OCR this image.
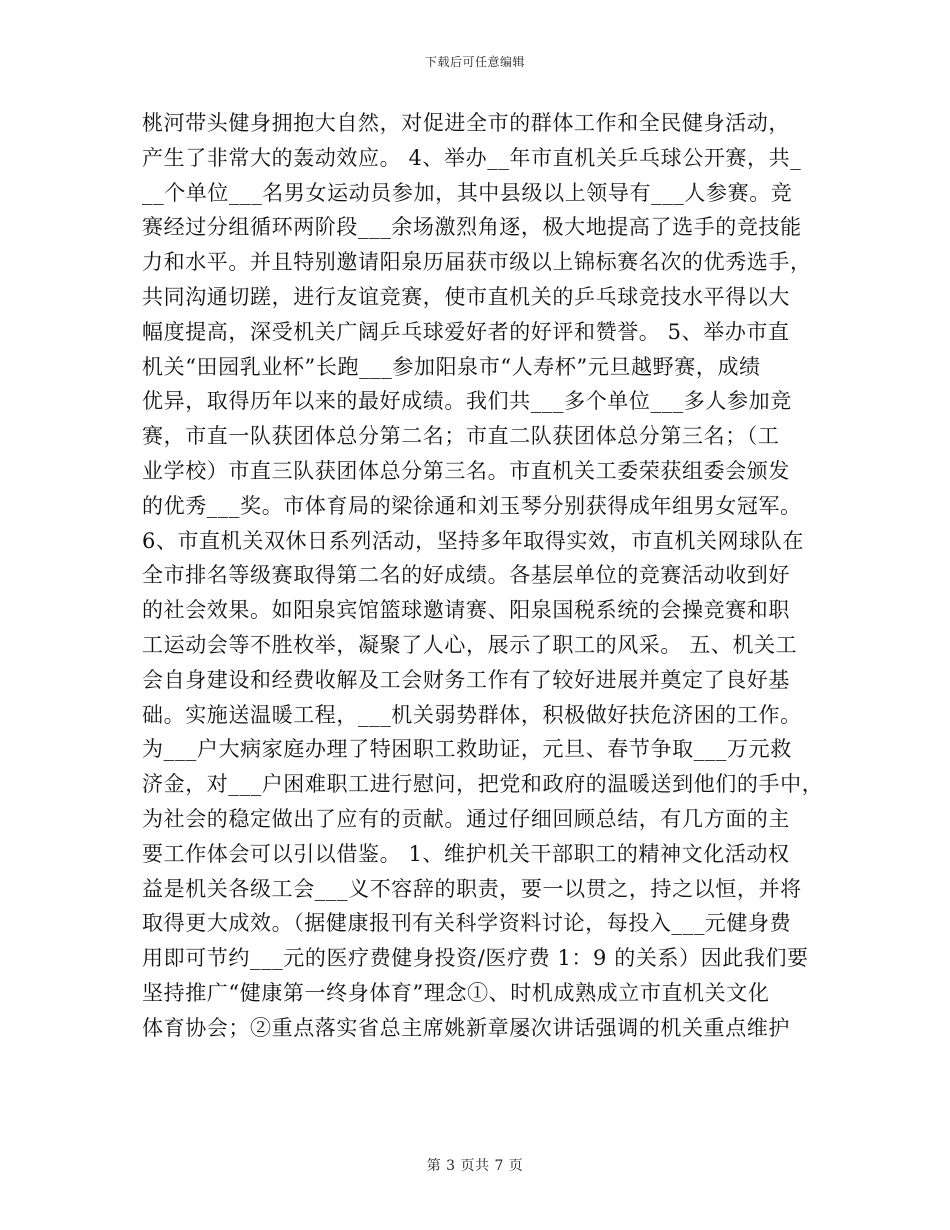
下载后可任意编辑
桃河带头健身拥抱大自然，对促进全市的群体工作和全民健身活动，
产生了非常大的轰动效应。 4、举办__年市直机关乒乓球公开赛，共_
__个单位___名男女运动员参加，其中县级以上领导有___人参赛。竞
赛经过分组循环两阶段___余场激烈角逐，极大地提高了选手的竞技能
力和水平。并且特别邀请阳泉历届获市级以上锦标赛名次的优秀选手，
共同沟通切蹉，进行友谊竞赛，使市直机关的乒乓球竞技水平得以大
幅度提高，深受机关广阔乒乓球爱好者的好评和赞誉。 5、举办市直
机关“田园乳业杯”长跑___参加阳泉市“人寿杯”元旦越野赛，成绩
优异，取得历年以来的最好成绩。我们共___多个单位___多人参加竞
赛，市直一队获团体总分第二名；市直二队获团体总分第三名；（工
业学校）市直三队获团体总分第三名。市直机关工委荣获组委会颁发
的优秀___奖。市体育局的梁徐通和刘玉琴分别获得成年组男女冠军。
6、市直机关双休日系列活动，坚持多年取得实效，市直机关网球队在
全市排名等级赛取得第二名的好成绩。各基层单位的竞赛活动收到好
的社会效果。如阳泉宾馆篮球邀请赛、阳泉国税系统的会操竞赛和职
工运动会等不胜枚举，凝聚了人心，展示了职工的风采。 五、机关工
会自身建设和经费收解及工会财务工作有了较好进展并奠定了良好基
础。实施送温暖工程，___机关弱势群体，积极做好扶危济困的工作。
为___户大病家庭办理了特困职工救助证，元旦、春节争取___万元救
济金，对___户困难职工进行慰问，把党和政府的温暖送到他们的手中，
为社会的稳定做出了应有的贡献。通过仔细回顾总结，有几方面的主
要工作体会可以引以借鉴。 1、维护机关干部职工的精神文化活动权
益是机关各级工会___义不容辞的职责，要一以贯之，持之以恒，并将
取得更大成效。（据健康报刊有关科学资料讨论，每投入___元健身费
用即可节约___元的医疗费健身投资/医疗费 1：9 的关系）因此我们要
坚持推广“健康第一终身体育”理念①、时机成熟成立市直机关文化
体育协会；②重点落实省总主席姚新章屡次讲话强调的机关重点维护
第 3 页共 7 页
